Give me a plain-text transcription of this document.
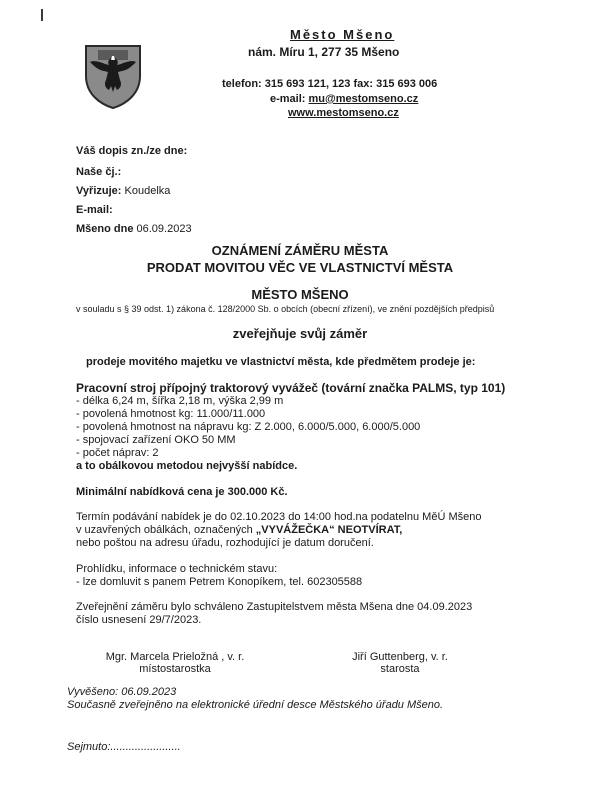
Město Mšeno
nám. Míru 1, 277 35 Mšeno
telefon: 315 693 121, 123 fax: 315 693 006
e-mail: mu@mestomseno.cz
www.mestomseno.cz
Váš dopis zn./ze dne:
Naše čj.:
Vyřizuje: Koudelka
E-mail:
Mšeno dne 06.09.2023
OZNÁMENÍ ZÁMĚRU MĚSTA
PRODAT MOVITOU VĚC VE VLASTNICTVÍ MĚSTA
MĚSTO MŠENO
v souladu s § 39 odst. 1) zákona č. 128/2000 Sb. o obcích (obecní zřízení), ve znění pozdějších předpisů
zveřejňuje svůj záměr
prodeje movitého majetku ve vlastnictví města, kde předmětem prodeje je:
Pracovní stroj přípojný traktorový vyvážeč (tovární značka PALMS, typ 101)
- délka 6,24 m, šířka 2,18 m, výška 2,99 m
- povolená hmotnost kg: 11.000/11.000
- povolená hmotnost na nápravu kg: Z 2.000, 6.000/5.000, 6.000/5.000
- spojovací zařízení OKO 50 MM
- počet náprav: 2
a to obálkovou metodou nejvyšší nabídce.
Minimální nabídková cena je 300.000 Kč.
Termín podávání nabídek je do 02.10.2023 do 14:00 hod.na podatelnu MěÚ Mšeno
v uzavřených obálkách, označených „VYVÁŽEČKA“ NEOTVÍRAT,
nebo poštou na adresu úřadu, rozhodující je datum doručení.
Prohlídku, informace o technickém stavu:
- lze domluvit s panem Petrem Konopíkem, tel. 602305588
Zveřejnění záměru bylo schváleno Zastupitelstvem města Mšena dne 04.09.2023
číslo usnesení 29/7/2023.
Mgr. Marcela Prieložná , v. r.
místostarostka
Jiří Guttenberg, v. r.
starosta
Vyvěšeno: 06.09.2023
Současně zveřejněno na elektronické úřední desce Městského úřadu Mšeno.
Sejmuto:.......................
